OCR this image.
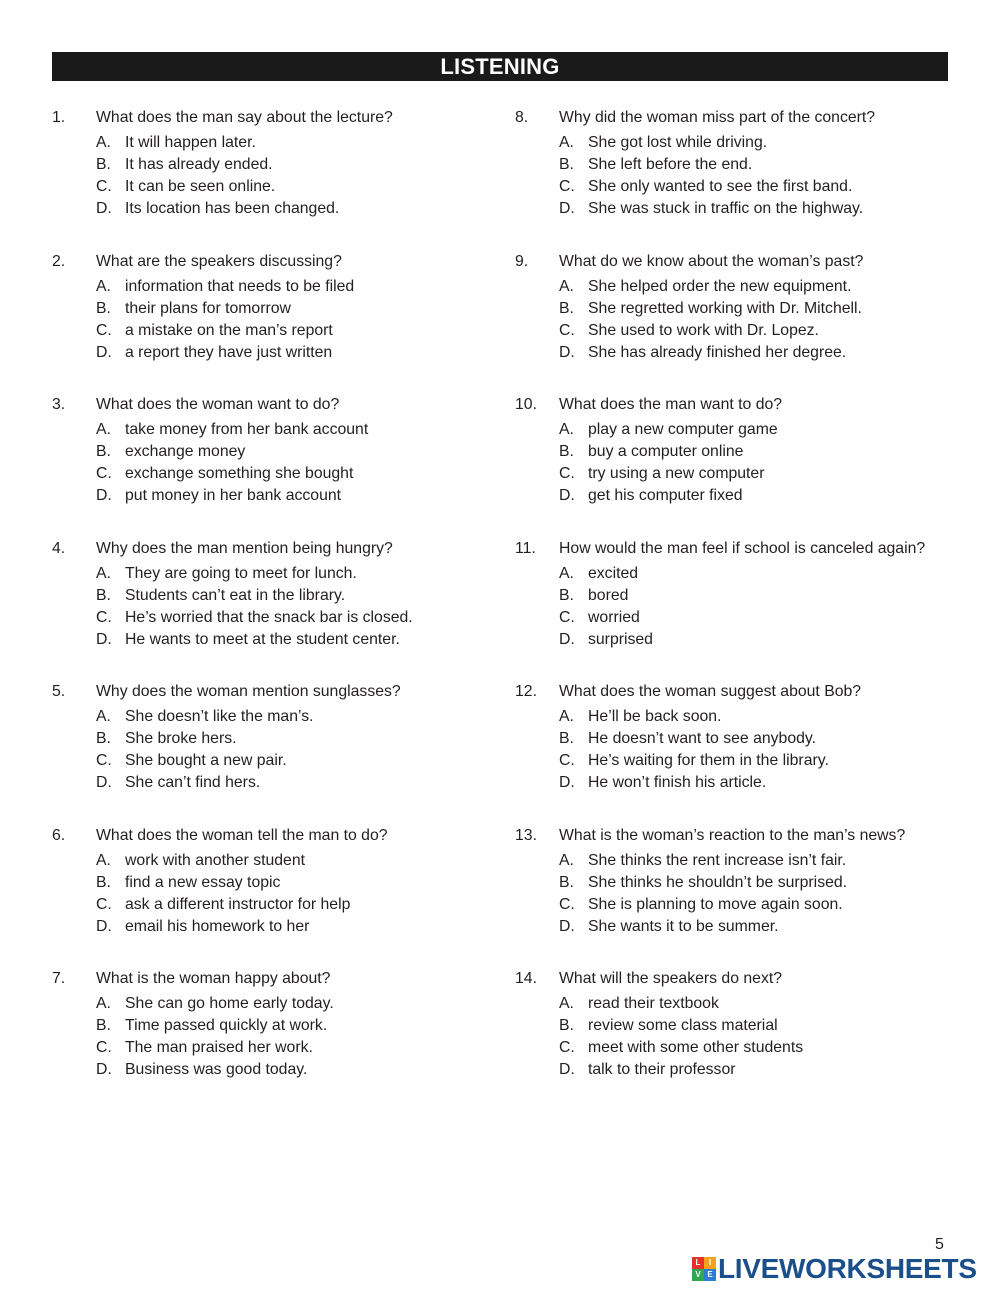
LISTENING
1.	What does the man say about the lecture?
A. It will happen later.
B. It has already ended.
C. It can be seen online.
D. Its location has been changed.
2.	What are the speakers discussing?
A. information that needs to be filed
B. their plans for tomorrow
C. a mistake on the man’s report
D. a report they have just written
3.	What does the woman want to do?
A. take money from her bank account
B. exchange money
C. exchange something she bought
D. put money in her bank account
4.	Why does the man mention being hungry?
A. They are going to meet for lunch.
B. Students can’t eat in the library.
C. He’s worried that the snack bar is closed.
D. He wants to meet at the student center.
5.	Why does the woman mention sunglasses?
A. She doesn’t like the man’s.
B. She broke hers.
C. She bought a new pair.
D. She can’t find hers.
6.	What does the woman tell the man to do?
A. work with another student
B. find a new essay topic
C. ask a different instructor for help
D. email his homework to her
7.	What is the woman happy about?
A. She can go home early today.
B. Time passed quickly at work.
C. The man praised her work.
D. Business was good today.
8.	Why did the woman miss part of the concert?
A. She got lost while driving.
B. She left before the end.
C. She only wanted to see the first band.
D. She was stuck in traffic on the highway.
9.	What do we know about the woman’s past?
A. She helped order the new equipment.
B. She regretted working with Dr. Mitchell.
C. She used to work with Dr. Lopez.
D. She has already finished her degree.
10.	What does the man want to do?
A. play a new computer game
B. buy a computer online
C. try using a new computer
D. get his computer fixed
11.	How would the man feel if school is canceled again?
A. excited
B. bored
C. worried
D. surprised
12.	What does the woman suggest about Bob?
A. He’ll be back soon.
B. He doesn’t want to see anybody.
C. He’s waiting for them in the library.
D. He won’t finish his article.
13.	What is the woman’s reaction to the man’s news?
A. She thinks the rent increase isn’t fair.
B. She thinks he shouldn’t be surprised.
C. She is planning to move again soon.
D. She wants it to be summer.
14.	What will the speakers do next?
A. read their textbook
B. review some class material
C. meet with some other students
D. talk to their professor
5
L	I
V E LIVEWORKSHEETS
